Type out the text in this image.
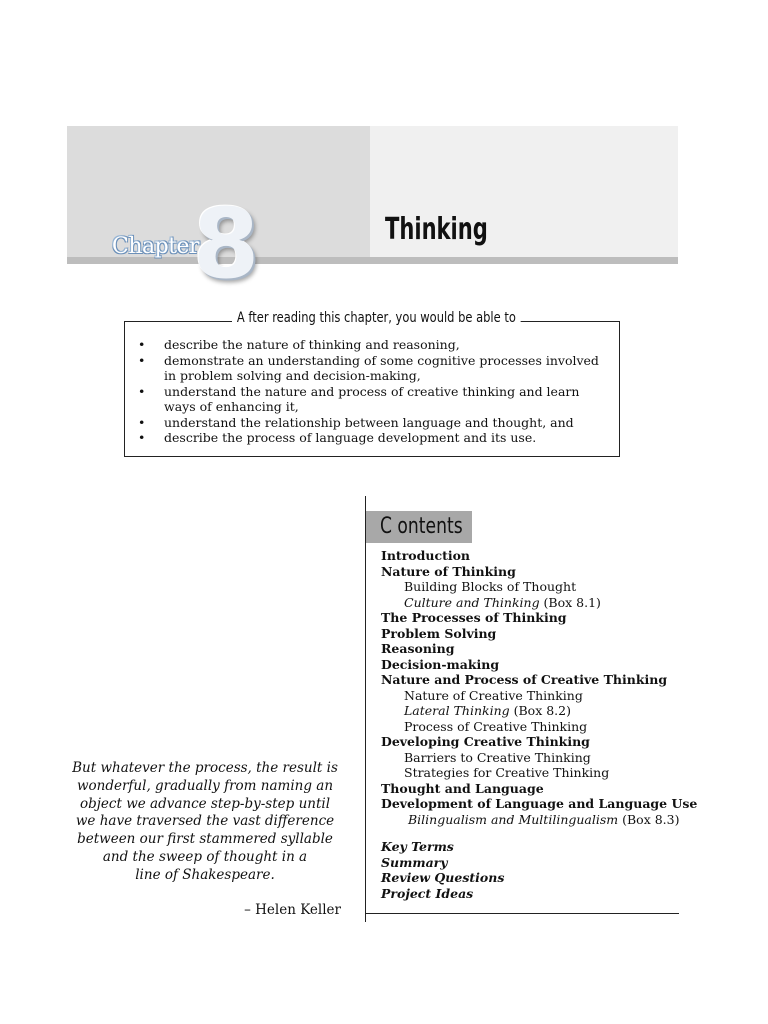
Chapter
8	Thinking
A fter reading this chapter, you would be able to
• describe the nature of thinking and reasoning,
• demonstrate an understanding of some cognitive processes involved in problem solving and decision-making,
• understand the nature and process of creative thinking and learn ways of enhancing it,
• understand the relationship between language and thought, and
• describe the process of language development and its use.
C ontents
Introduction
Nature of Thinking
Building Blocks of Thought
Culture and Thinking (Box 8.1)
The Processes of Thinking
Problem Solving
Reasoning
Decision-making
Nature and Process of Creative Thinking
Nature of Creative Thinking
Lateral Thinking (Box 8.2)
Process of Creative Thinking
Developing Creative Thinking
Barriers to Creative Thinking
Strategies for Creative Thinking
Thought and Language
Development of Language and Language Use
Bilingualism and Multilingualism (Box 8.3)
Key Terms
Summary
Review Questions
Project Ideas
But whatever the process, the result is
wonderful, gradually from naming an
object we advance step-by-step until
we have traversed the vast difference
between our first stammered syllable
and the sweep of thought in a
line of Shakespeare.
– Helen Keller
